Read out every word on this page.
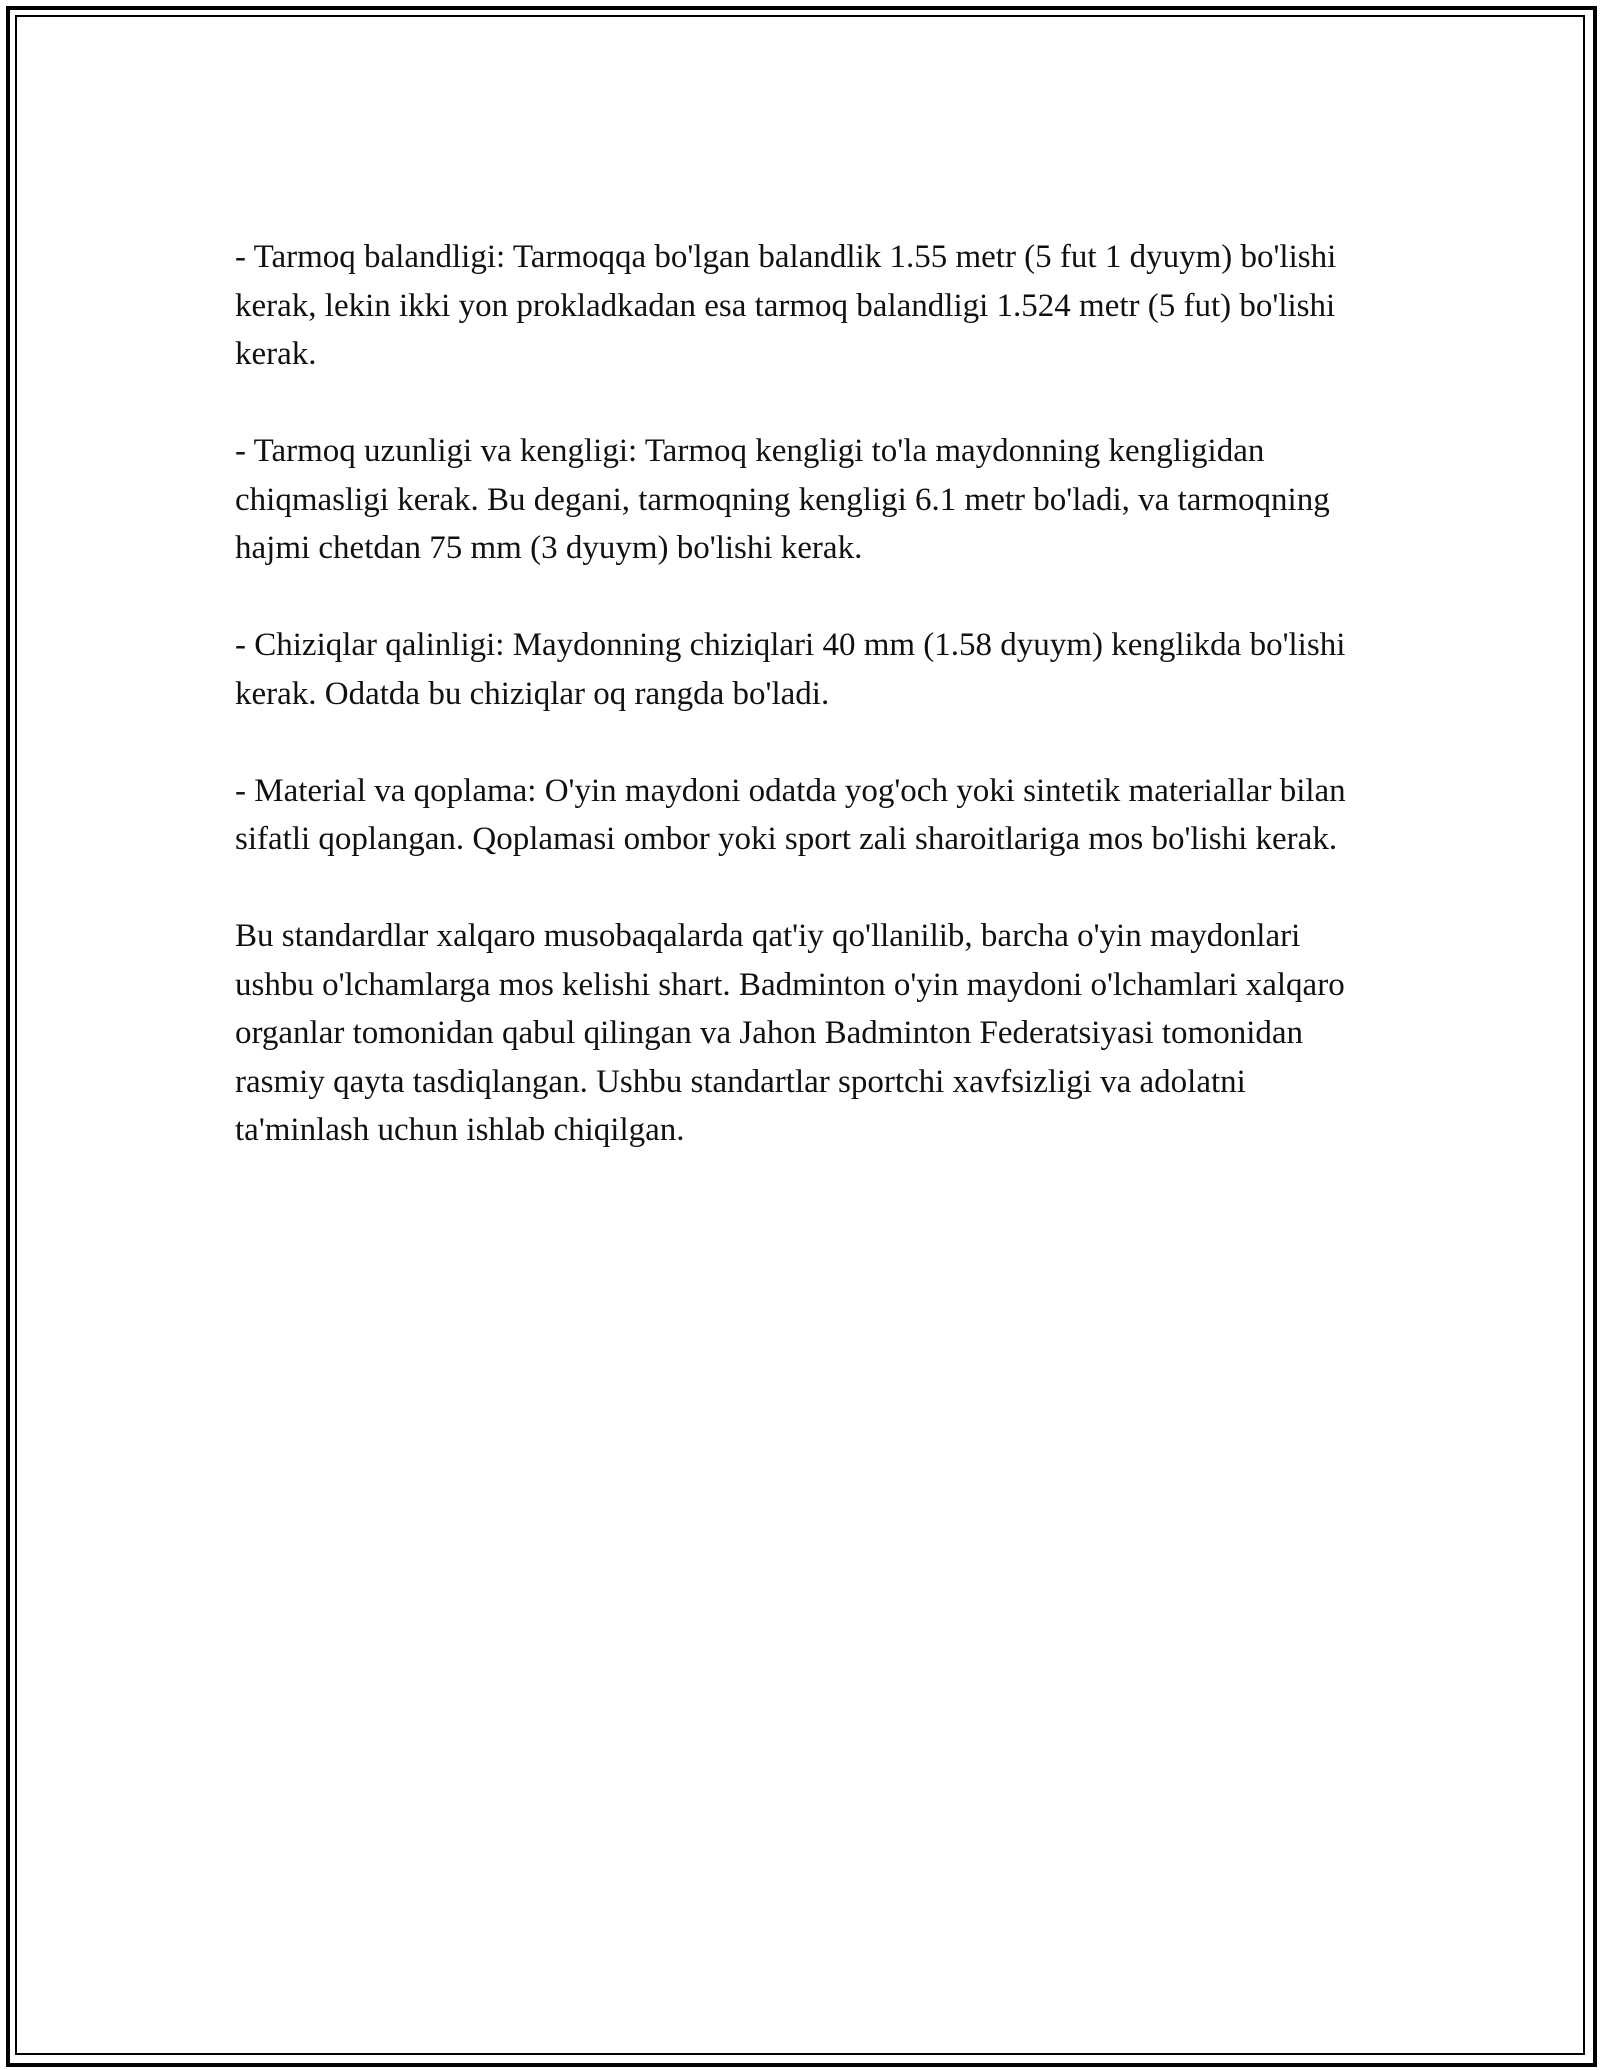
- Tarmoq balandligi: Tarmoqqa bo'lgan balandlik 1.55 metr (5 fut 1 dyuym) bo'lishi kerak, lekin ikki yon prokladkadan esa tarmoq balandligi 1.524 metr (5 fut) bo'lishi kerak.

- Tarmoq uzunligi va kengligi: Tarmoq kengligi to'la maydonning kengligidan chiqmasligi kerak. Bu degani, tarmoqning kengligi 6.1 metr bo'ladi, va tarmoqning hajmi chetdan 75 mm (3 dyuym) bo'lishi kerak.

- Chiziqlar qalinligi: Maydonning chiziqlari 40 mm (1.58 dyuym) kenglikda bo'lishi kerak. Odatda bu chiziqlar oq rangda bo'ladi.

- Material va qoplama: O'yin maydoni odatda yog'och yoki sintetik materiallar bilan sifatli qoplangan. Qoplamasi ombor yoki sport zali sharoitlariga mos bo'lishi kerak.

Bu standardlar xalqaro musobaqalarda qat'iy qo'llanilib, barcha o'yin maydonlari ushbu o'lchamlarga mos kelishi shart. Badminton o'yin maydoni o'lchamlari xalqaro organlar tomonidan qabul qilingan va Jahon Badminton Federatsiyasi tomonidan rasmiy qayta tasdiqlangan. Ushbu standartlar sportchi xavfsizligi va adolatni ta'minlash uchun ishlab chiqilgan.
